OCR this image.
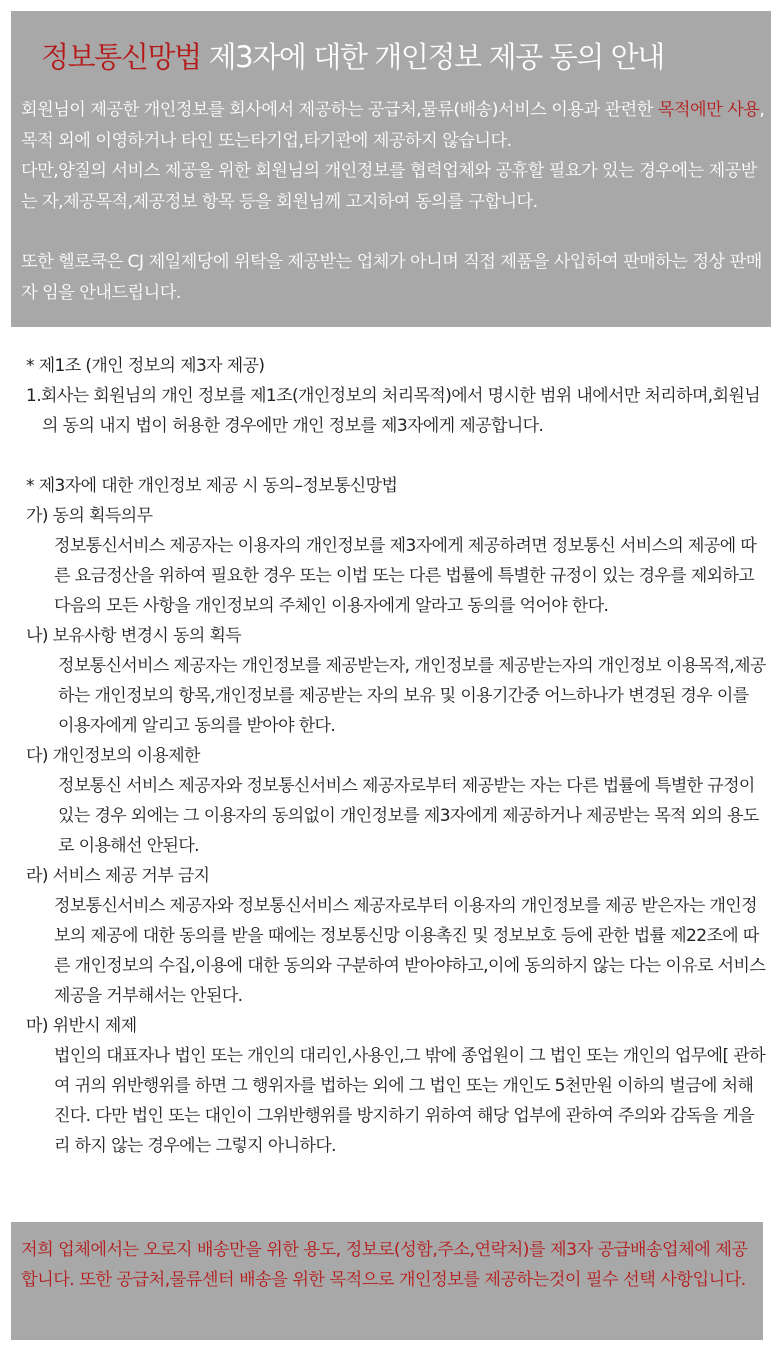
정보통신망법 제3자에 대한 개인정보 제공 동의 안내

회원님이 제공한 개인정보를 회사에서 제공하는 공급처,물류(배송)서비스 이용과 관련한 목적에만 사용,목적 외에 이영하거나 타인 또는타기업,타기관에 제공하지 않습니다.

다만,양질의 서비스 제공을 위한 회원님의 개인정보를 협력업체와 공휴할 필요가 있는 경우에는 제공받는 자,제공목적,제공정보 항목 등을 회원님께 고지하여 동의를 구합니다.

또한 헬로쿡은 CJ 제일제당에 위탁을 제공받는 업체가 아니며 직접 제품을 사입하여 판매하는 정상 판매자 임을 안내드립니다.

* 제1조 (개인 정보의 제3자 제공)

1.회사는 회원님의 개인 정보를 제1조(개인정보의 처리목적)에서 명시한 범위 내에서만 처리하며,회원님의 동의 내지 법이 허용한 경우에만 개인 정보를 제3자에게 제공합니다.

* 제3자에 대한 개인정보 제공 시 동의–정보통신망법

가) 동의 획득의무

정보통신서비스 제공자는 이용자의 개인정보를 제3자에게 제공하려면 정보통신 서비스의 제공에 따른 요금정산을 위하여 필요한 경우 또는 이법 또는 다른 법률에 특별한 규정이 있는 경우를 제외하고 다음의 모든 사항을 개인정보의 주체인 이용자에게 알라고 동의를 억어야 한다.

나) 보유사항 변경시 동의 획득

정보통신서비스 제공자는 개인정보를 제공받는자, 개인정보를 제공받는자의 개인정보 이용목적,제공하는 개인정보의 항목,개인정보를 제공받는 자의 보유 및 이용기간중 어느하나가 변경된 경우 이를 이용자에게 알리고 동의를 받아야 한다.

다) 개인정보의 이용제한

정보통신 서비스 제공자와 정보통신서비스 제공자로부터 제공받는 자는 다른 법률에 특별한 규정이 있는 경우 외에는 그 이용자의 동의없이 개인정보를 제3자에게 제공하거나 제공받는 목적 외의 용도로 이용해선 안된다.

라) 서비스 제공 거부 금지

정보통신서비스 제공자와 정보통신서비스 제공자로부터 이용자의 개인정보를 제공 받은자는 개인정보의 제공에 대한 동의를 받을 때에는 정보통신망 이용촉진 및 정보보호 등에 관한 법률 제22조에 따른 개인정보의 수집,이용에 대한 동의와 구분하여 받아야하고,이에 동의하지 않는 다는 이유로 서비스 제공을 거부해서는 안된다.

마) 위반시 제제

법인의 대표자나 법인 또는 개인의 대리인,사용인,그 밖에 종업원이 그 법인 또는 개인의 업무에[ 관하여 귀의 위반행위를 하면 그 행위자를 법하는 외에 그 법인 또는 개인도 5천만원 이하의 벌금에 처해진다. 다만 법인 또는 대인이 그위반행위를 방지하기 위하여 해당 업부에 관하여 주의와 감독을 게을리 하지 않는 경우에는 그렇지 아니하다.

저희 업체에서는 오로지 배송만을 위한 용도, 정보로(성함,주소,연락처)를 제3자 공급배송업체에 제공합니다. 또한 공급처,물류센터 배송을 위한 목적으로 개인정보를 제공하는것이 필수 선택 사항입니다.
